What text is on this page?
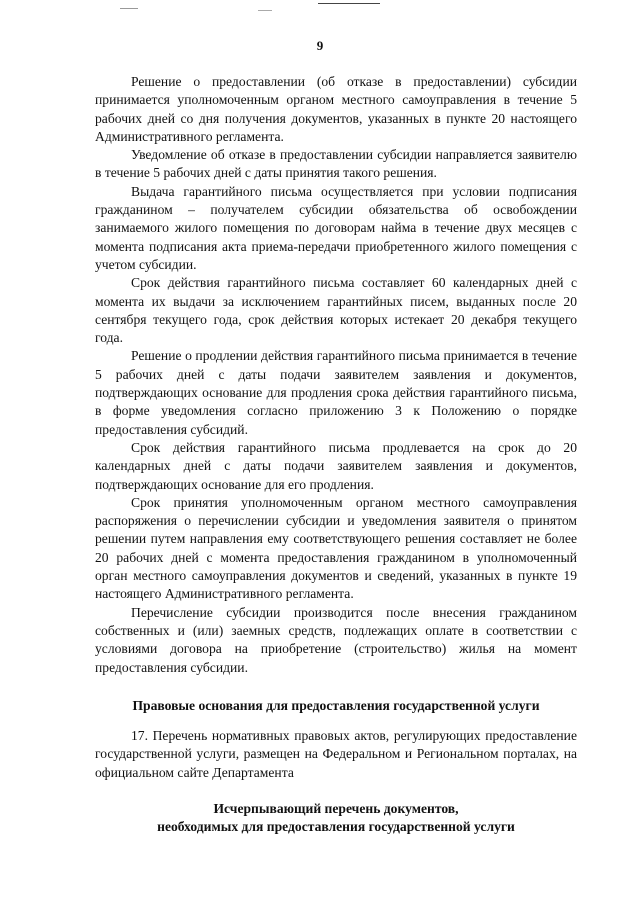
9

Решение о предоставлении (об отказе в предоставлении) субсидии принимается уполномоченным органом местного самоуправления в течение 5 рабочих дней со дня получения документов, указанных в пункте 20 настоящего Административного регламента.

Уведомление об отказе в предоставлении субсидии направляется заявителю в течение 5 рабочих дней с даты принятия такого решения.

Выдача гарантийного письма осуществляется при условии подписания гражданином – получателем субсидии обязательства об освобождении занимаемого жилого помещения по договорам найма в течение двух месяцев с момента подписания акта приема-передачи приобретенного жилого помещения с учетом субсидии.

Срок действия гарантийного письма составляет 60 календарных дней с момента их выдачи за исключением гарантийных писем, выданных после 20 сентября текущего года, срок действия которых истекает 20 декабря текущего года.

Решение о продлении действия гарантийного письма принимается в течение 5 рабочих дней с даты подачи заявителем заявления и документов, подтверждающих основание для продления срока действия гарантийного письма, в форме уведомления согласно приложению 3 к Положению о порядке предоставления субсидий.

Срок действия гарантийного письма продлевается на срок до 20 календарных дней с даты подачи заявителем заявления и документов, подтверждающих основание для его продления.

Срок принятия уполномоченным органом местного самоуправления распоряжения о перечислении субсидии и уведомления заявителя о принятом решении путем направления ему соответствующего решения составляет не более 20 рабочих дней с момента предоставления гражданином в уполномоченный орган местного самоуправления документов и сведений, указанных в пункте 19 настоящего Административного регламента.

Перечисление субсидии производится после внесения гражданином собственных и (или) заемных средств, подлежащих оплате в соответствии с условиями договора на приобретение (строительство) жилья на момент предоставления субсидии.

Правовые основания для предоставления государственной услуги

17. Перечень нормативных правовых актов, регулирующих предоставление государственной услуги, размещен на Федеральном и Региональном порталах, на официальном сайте Департамента

Исчерпывающий перечень документов,
необходимых для предоставления государственной услуги
